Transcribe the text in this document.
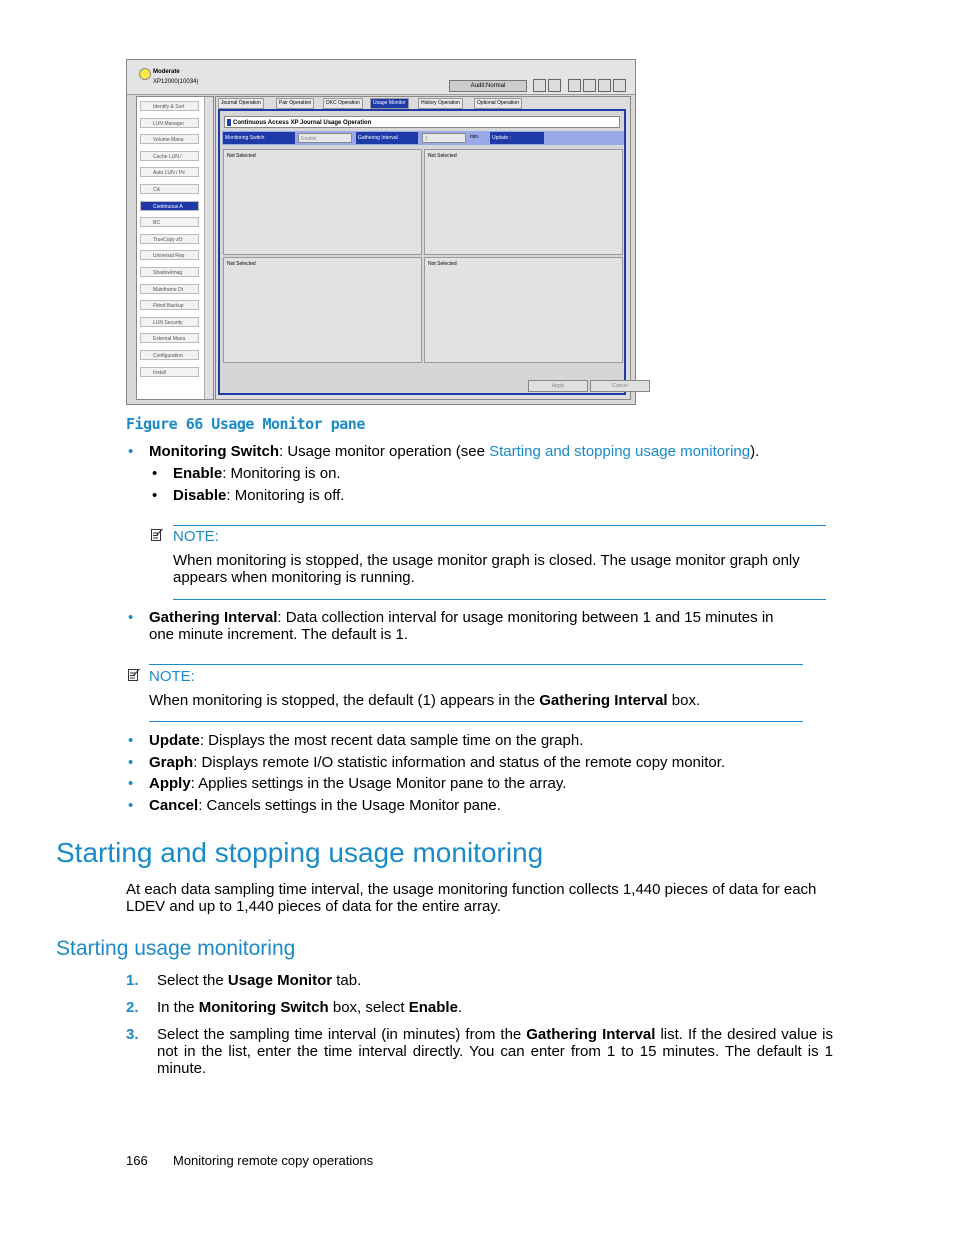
Moderate
XP12000(10034)
Audit:Normal
Identify & Sort
LUN Manager
Volume Mana
Cache LUN /
Auto LUN / Pe
CA
Continuous A
BC
TrueCopy zO
Universal Rep
ShadowImag
Mainframe Dt
Fitted Backup
LUN Security
External Mana
Configuration
Install
Journal Operation	Pair Operation	DKC Operation	Usage Monitor	History Operation	Optional Operation
Continuous Access XP Journal Usage Operation
Monitoring Switch	Enable	Gathering Interval	1	min.	Update :
Not Selected	Not Selected
Not Selected	Not Selected
Apply	Cancel
Figure 66 Usage Monitor pane
• Monitoring Switch: Usage monitor operation (see Starting and stopping usage monitoring).
• Enable: Monitoring is on.
• Disable: Monitoring is off.
NOTE:
When monitoring is stopped, the usage monitor graph is closed. The usage monitor graph only appears when monitoring is running.
• Gathering Interval: Data collection interval for usage monitoring between 1 and 15 minutes in one minute increment. The default is 1.
NOTE:
When monitoring is stopped, the default (1) appears in the Gathering Interval box.
• Update: Displays the most recent data sample time on the graph.
• Graph: Displays remote I/O statistic information and status of the remote copy monitor.
• Apply: Applies settings in the Usage Monitor pane to the array.
• Cancel: Cancels settings in the Usage Monitor pane.
Starting and stopping usage monitoring
At each data sampling time interval, the usage monitoring function collects 1,440 pieces of data for each LDEV and up to 1,440 pieces of data for the entire array.
Starting usage monitoring
1. Select the Usage Monitor tab.
2. In the Monitoring Switch box, select Enable.
3. Select the sampling time interval (in minutes) from the Gathering Interval list. If the desired value is not in the list, enter the time interval directly. You can enter from 1 to 15 minutes. The default is 1 minute.
166 Monitoring remote copy operations
